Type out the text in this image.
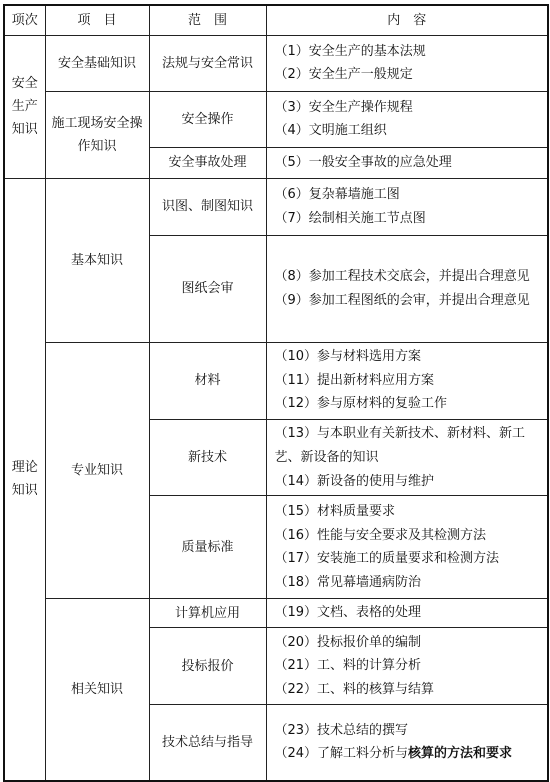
项次	项　目	范　围	内　容

安全
生产
知识	安全基础知识	法规与安全常识	（1）安全生产的基本法规
（2）安全生产一般规定

	施工现场安全操作知识	安全操作	（3）安全生产操作规程
（4）文明施工组织

		安全事故处理	（5）一般安全事故的应急处理

理论
知识	基本知识	识图、制图知识	（6）复杂幕墙施工图
（7）绘制相关施工节点图

		图纸会审	（8）参加工程技术交底会，并提出合理意见
（9）参加工程图纸的会审，并提出合理意见

	专业知识	材料	（10）参与材料选用方案
（11）提出新材料应用方案
（12）参与原材料的复验工作

		新技术	（13）与本职业有关新技术、新材料、新工艺、新设备的知识
（14）新设备的使用与维护

		质量标准	（15）材料质量要求
（16）性能与安全要求及其检测方法
（17）安装施工的质量要求和检测方法
（18）常见幕墙通病防治

	相关知识	计算机应用	（19）文档、表格的处理

		投标报价	（20）投标报价单的编制
（21）工、料的计算分析
（22）工、料的核算与结算

		技术总结与指导	（23）技术总结的撰写
（24）了解工料分析与核算的方法和要求
